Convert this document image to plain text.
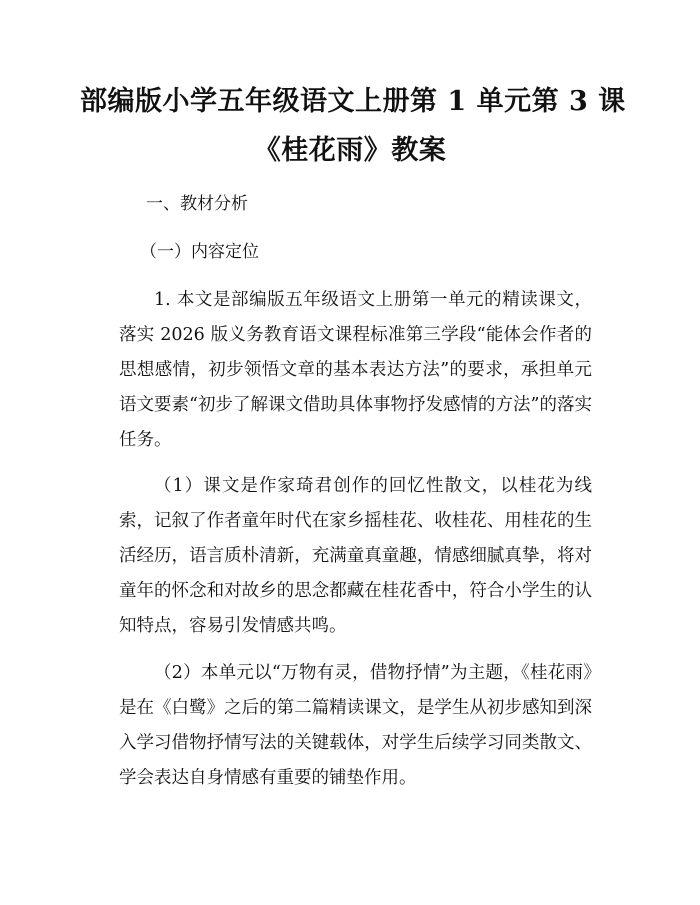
部编版小学五年级语文上册第 1 单元第 3 课
《桂花雨》教案
一、教材分析
（一）内容定位

1. 本文是部编版五年级语文上册第一单元的精读课文，落实 2026 版义务教育语文课程标准第三学段“能体会作者的思想感情，初步领悟文章的基本表达方法”的要求，承担单元语文要素“初步了解课文借助具体事物抒发感情的方法”的落实任务。

（1）课文是作家琦君创作的回忆性散文，以桂花为线索，记叙了作者童年时代在家乡摇桂花、收桂花、用桂花的生活经历，语言质朴清新，充满童真童趣，情感细腻真挚，将对童年的怀念和对故乡的思念都藏在桂花香中，符合小学生的认知特点，容易引发情感共鸣。

（2）本单元以“万物有灵，借物抒情”为主题，《桂花雨》是在《白鹭》之后的第二篇精读课文，是学生从初步感知到深入学习借物抒情写法的关键载体，对学生后续学习同类散文、学会表达自身情感有重要的铺垫作用。
